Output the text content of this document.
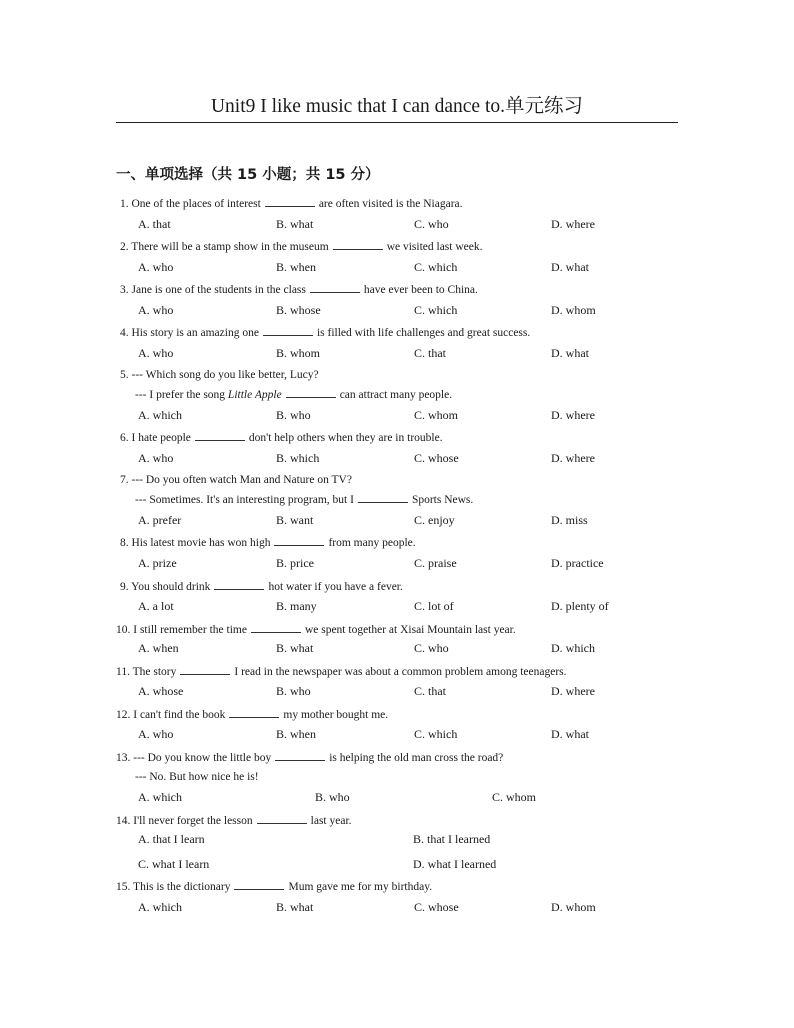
Unit9 I like music that I can dance to.单元练习
一、单项选择（共 15 小题；共 15 分）
1. One of the places of interest	are often visited is the Niagara.
A. that	B. what	C. who	D. where
2. There will be a stamp show in the museum	we visited last week.
A. who	B. when	C. which	D. what
3. Jane is one of the students in the class	have ever been to China.
A. who	B. whose	C. which	D. whom
4. His story is an amazing one	is filled with life challenges and great success.
A. who	B. whom	C. that	D. what
5. --- Which song do you like better, Lucy?
--- I prefer the song Little Apple	can attract many people.
A. which	B. who	C. whom	D. where
6. I hate people	don't help others when they are in trouble.
A. who	B. which	C. whose	D. where
7. --- Do you often watch Man and Nature on TV?
--- Sometimes. It's an interesting program, but I	Sports News.
A. prefer	B. want	C. enjoy	D. miss
8. His latest movie has won high	from many people.
A. prize	B. price	C. praise	D. practice
9. You should drink	hot water if you have a fever.
A. a lot	B. many	C. lot of	D. plenty of
10. I still remember the time	we spent together at Xisai Mountain last year.
A. when	B. what	C. who	D. which
11. The story	I read in the newspaper was about a common problem among teenagers.
A. whose	B. who	C. that	D. where
12. I can't find the book	my mother bought me.
A. who	B. when	C. which	D. what
13. --- Do you know the little boy	is helping the old man cross the road?
--- No. But how nice he is!
A. which	B. who	C. whom
14. I'll never forget the lesson	last year.
A. that I learn	B. that I learned
C. what I learn	D. what I learned
15. This is the dictionary	Mum gave me for my birthday.
A. which	B. what	C. whose	D. whom
